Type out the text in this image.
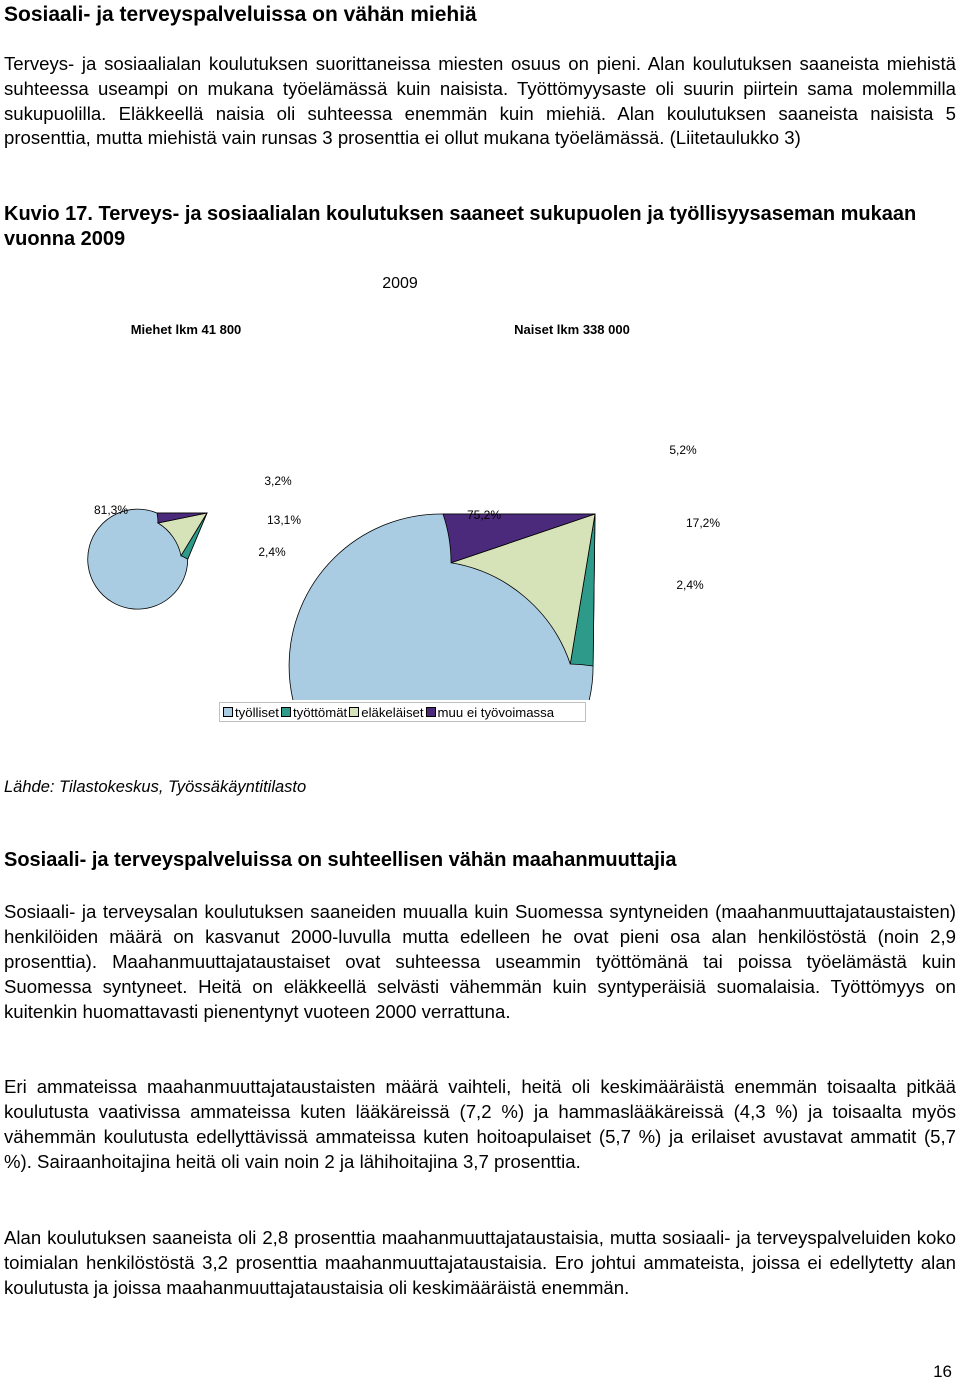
Sosiaali- ja terveyspalveluissa on vähän miehiä

Terveys- ja sosiaalialan koulutuksen suorittaneissa miesten osuus on pieni. Alan koulutuksen saaneista miehistä suhteessa useampi on mukana työelämässä kuin naisista. Työttömyysaste oli suurin piirtein sama molemmilla sukupuolilla. Eläkkeellä naisia oli suhteessa enemmän kuin miehiä. Alan koulutuksen saaneista naisista 5 prosenttia, mutta miehistä vain runsas 3 prosenttia ei ollut mukana työelämässä. (Liitetaulukko 3)

Kuvio 17. Terveys- ja sosiaalialan koulutuksen saaneet sukupuolen ja työllisyysaseman mukaan vuonna 2009

2009
Miehet lkm 41 800	Naiset lkm 338 000
81,3%
2,4%
13,1%
3,2%
75,2%
2,4%
17,2%
5,2%
työlliset työttömät eläkeläiset muu ei työvoimassa

Lähde: Tilastokeskus, Työssäkäyntitilasto

Sosiaali- ja terveyspalveluissa on suhteellisen vähän maahanmuuttajia

Sosiaali- ja terveysalan koulutuksen saaneiden muualla kuin Suomessa syntyneiden (maahanmuuttajataustaisten) henkilöiden määrä on kasvanut 2000-luvulla mutta edelleen he ovat pieni osa alan henkilöstöstä (noin 2,9 prosenttia). Maahanmuuttajataustaiset ovat suhteessa useammin työttömänä tai poissa työelämästä kuin Suomessa syntyneet. Heitä on eläkkeellä selvästi vähemmän kuin syntyperäisiä suomalaisia. Työttömyys on kuitenkin huomattavasti pienentynyt vuoteen 2000 verrattuna.

Eri ammateissa maahanmuuttajataustaisten määrä vaihteli, heitä oli keskimääräistä enemmän toisaalta pitkää koulutusta vaativissa ammateissa kuten lääkäreissä (7,2 %) ja hammaslääkäreissä (4,3 %) ja toisaalta myös vähemmän koulutusta edellyttävissä ammateissa kuten hoitoapulaiset (5,7 %) ja erilaiset avustavat ammatit (5,7 %). Sairaanhoitajina heitä oli vain noin 2 ja lähihoitajina 3,7 prosenttia.

Alan koulutuksen saaneista oli 2,8 prosenttia maahanmuuttajataustaisia, mutta sosiaali- ja terveyspalveluiden koko toimialan henkilöstöstä 3,2 prosenttia maahanmuuttajataustaisia. Ero johtui ammateista, joissa ei edellytetty alan koulutusta ja joissa maahanmuuttajataustaisia oli keskimääräistä enemmän.

16
